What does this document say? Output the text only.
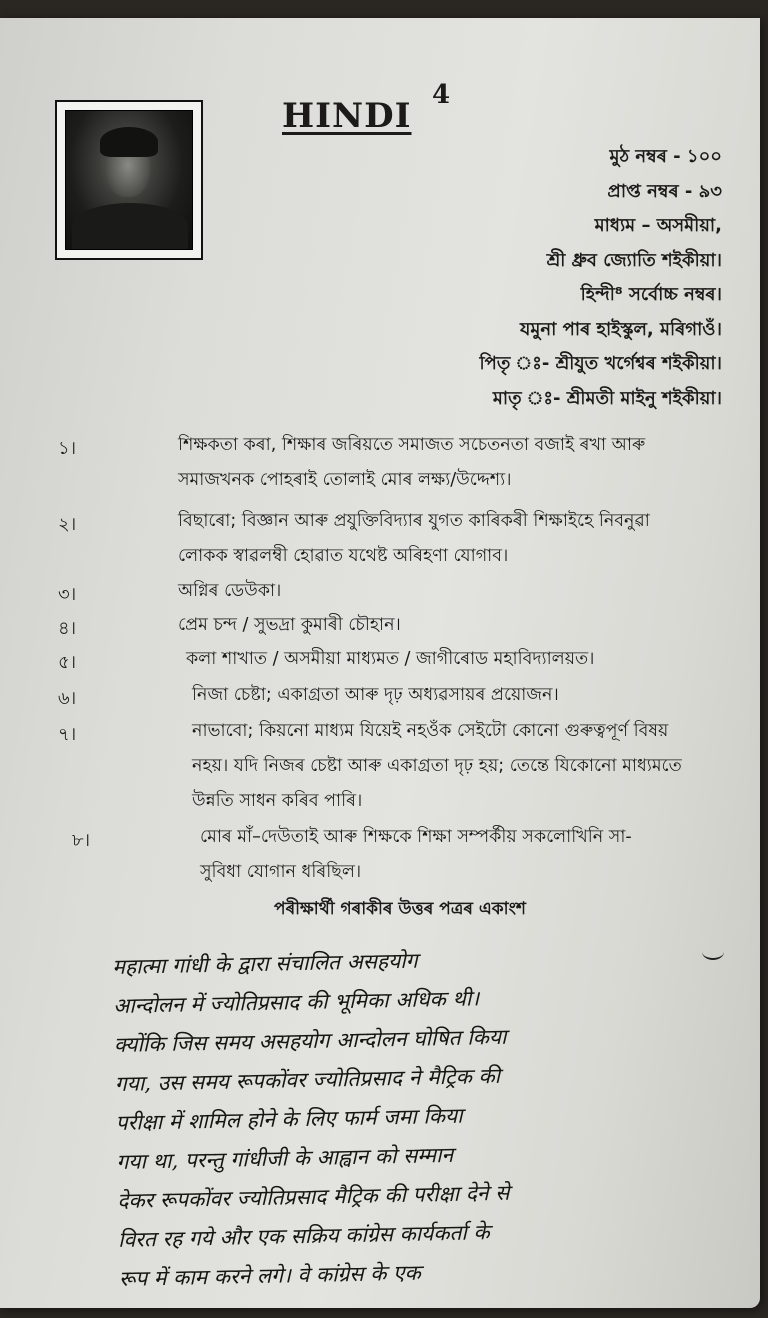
HINDI
4
মুঠ নম্বৰ - ১০০
প্ৰাপ্ত নম্বৰ - ৯৩
মাধ্যম – অসমীয়া,
শ্ৰী ধ্ৰুব জ্যোতি শইকীয়া।
হিন্দী⁸ সৰ্বোচ্চ নম্বৰ।
যমুনা পাৰ হাইস্কুল, মৰিগাওঁ।
পিতৃ ঃ- শ্ৰীযুত খৰ্গেশ্বৰ শইকীয়া।
মাতৃ ঃ- শ্ৰীমতী মাইনু শইকীয়া।
১।	শিক্ষকতা কৰা, শিক্ষাৰ জৰিয়তে সমাজত সচেতনতা বজাই ৰখা আৰু
সমাজখনক পোহৰাই তোলাই মোৰ লক্ষ্য/উদ্দেশ্য।
২।	বিছাৰো; বিজ্ঞান আৰু প্ৰযুক্তিবিদ্যাৰ যুগত কাৰিকৰী শিক্ষাইহে নিবনুৱা
লোকক স্বাৱলম্বী হোৱাত যথেষ্ট অৰিহণা যোগাব।
৩।	অগ্নিৰ ডেউকা।
৪।	প্ৰেম চন্দ / সুভদ্ৰা কুমাৰী চৌহান।
৫।	কলা শাখাত / অসমীয়া মাধ্যমত / জাগীৰোড মহাবিদ্যালয়ত।
৬।	নিজা চেষ্টা; একাগ্ৰতা আৰু দৃঢ় অধ্যৱসায়ৰ প্ৰয়োজন।
৭।	নাভাবো; কিয়নো মাধ্যম যিয়েই নহওঁক সেইটো কোনো গুৰুত্বপূৰ্ণ বিষয়
নহয়। যদি নিজৰ চেষ্টা আৰু একাগ্ৰতা দৃঢ় হয়; তেন্তে যিকোনো মাধ্যমতে
উন্নতি সাধন কৰিব পাৰি।
৮।	মোৰ মাঁ–দেউতাই আৰু শিক্ষকে শিক্ষা সম্পৰ্কীয় সকলোখিনি সা-
সুবিধা যোগান ধৰিছিল।
পৰীক্ষাৰ্থী গৰাকীৰ উত্তৰ পত্ৰৰ একাংশ
महात्मा गांधी के द्वारा संचालित असहयोग
आन्दोलन में ज्योतिप्रसाद की भूमिका अधिक थी।
क्योंकि जिस समय असहयोग आन्दोलन घोषित किया
गया, उस समय रूपकोंवर ज्योतिप्रसाद ने मैट्रिक की
परीक्षा में शामिल होने के लिए फार्म जमा किया
गया था, परन्तु गांधीजी के आह्वान को सम्मान
देकर रूपकोंवर ज्योतिप्रसाद मैट्रिक की परीक्षा देने से
विरत रह गये और एक सक्रिय कांग्रेस कार्यकर्ता के
रूप में काम करने लगे। वे कांग्रेस के एक
